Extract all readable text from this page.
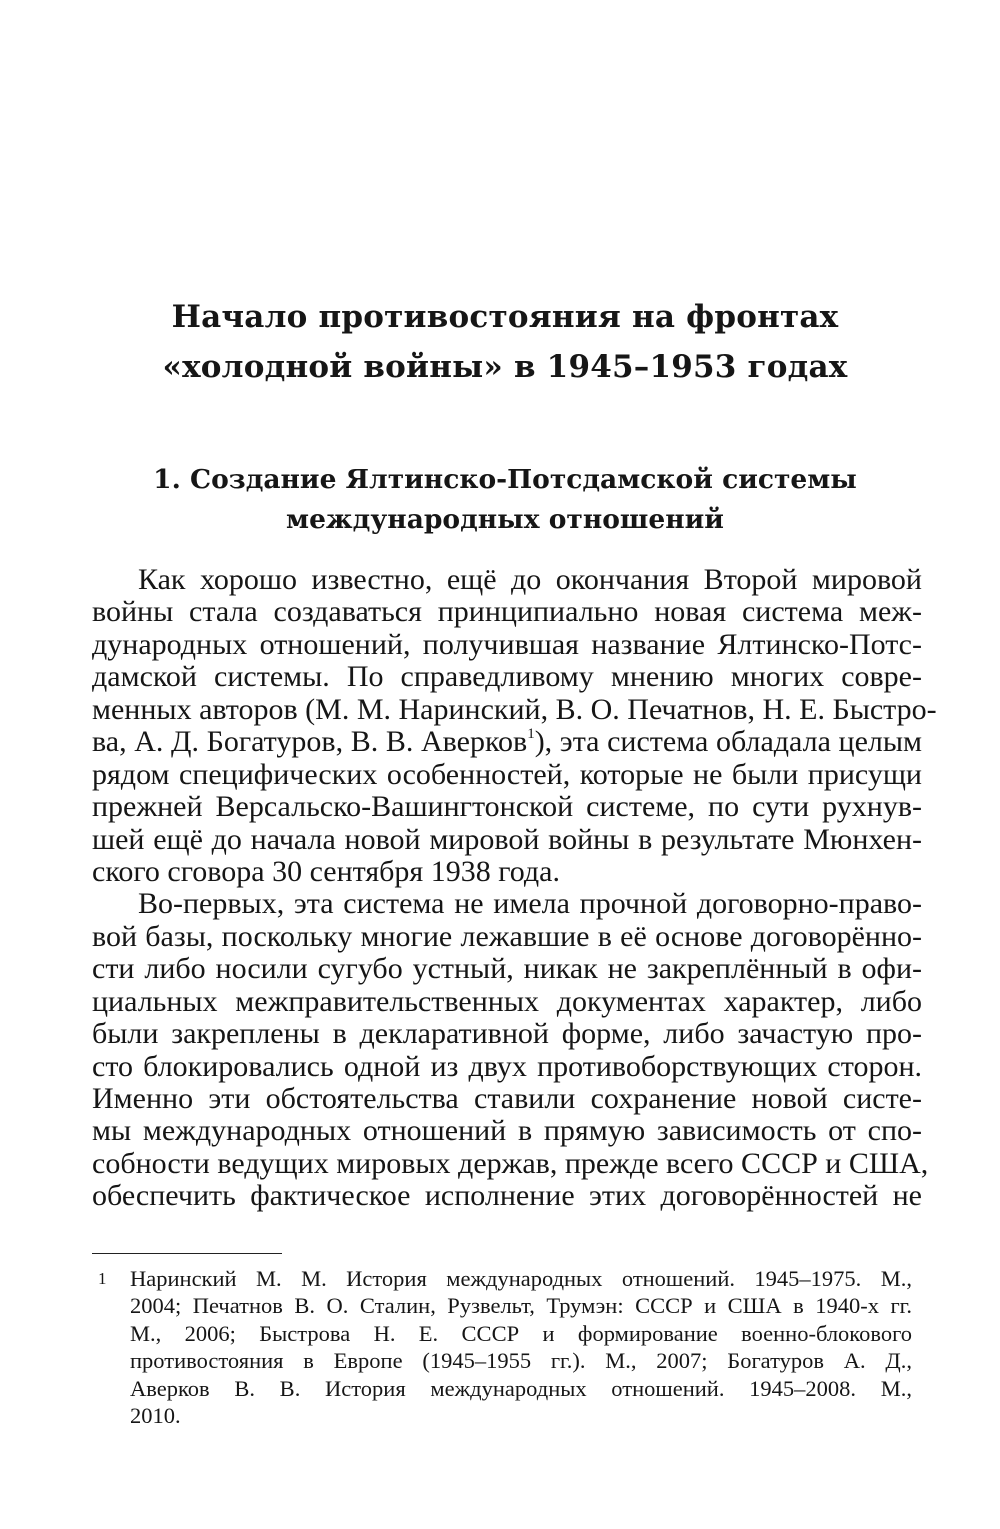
Начало противостояния на фронтах
«холодной войны» в 1945–1953 годах
1. Создание Ялтинско-Потсдамской системы
международных отношений
Как хорошо известно, ещё до окончания Второй мировой
войны стала создаваться принципиально новая система меж-
дународных отношений, получившая название Ялтинско-Потс-
дамской системы. По справедливому мнению многих совре-
менных авторов (М. М. Наринский, В. О. Печатнов, Н. Е. Быстро-
ва, А. Д. Богатуров, В. В. Аверков$^1$), эта система обладала целым
рядом специфических особенностей, которые не были присущи
прежней Версальско-Вашингтонской системе, по сути рухнув-
шей ещё до начала новой мировой войны в результате Мюнхен-
ского сговора 30 сентября 1938 года.
Во-первых, эта система не имела прочной договорно-право-
вой базы, поскольку многие лежавшие в её основе договорённо-
сти либо носили сугубо устный, никак не закреплённый в офи-
циальных межправительственных документах характер, либо
были закреплены в декларативной форме, либо зачастую про-
сто блокировались одной из двух противоборствующих сторон.
Именно эти обстоятельства ставили сохранение новой систе-
мы международных отношений в прямую зависимость от спо-
собности ведущих мировых держав, прежде всего СССР и США,
обеспечить фактическое исполнение этих договорённостей не
1 Наринский М. М. История международных отношений. 1945–1975. М.,
2004; Печатнов В. О. Сталин, Рузвельт, Трумэн: СССР и США в 1940-х гг.
М., 2006; Быстрова Н. Е. СССР и формирование военно-блокового
противостояния в Европе (1945–1955 гг.). М., 2007; Богатуров А. Д.,
Аверков В. В. История международных отношений. 1945–2008. М.,
2010.
